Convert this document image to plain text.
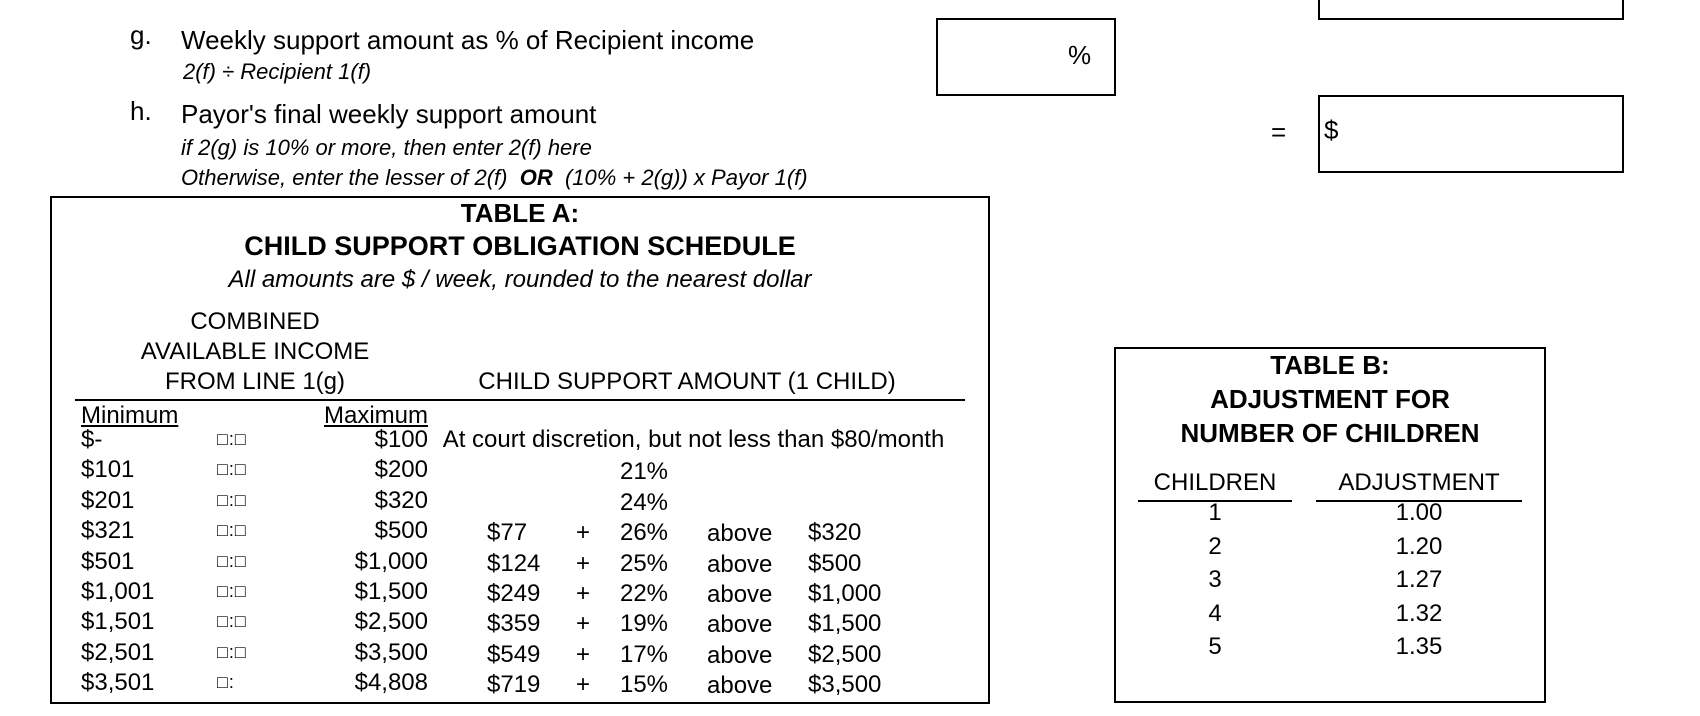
g. Weekly support amount as % of Recipient income
2(f) ÷ Recipient 1(f)
%
h. Payor's final weekly support amount
if 2(g) is 10% or more, then enter 2(f) here
Otherwise, enter the lesser of 2(f) OR (10% + 2(g)) x Payor 1(f)
= $
TABLE A:
CHILD SUPPORT OBLIGATION SCHEDULE
All amounts are $ / week, rounded to the nearest dollar
COMBINED
AVAILABLE INCOME
FROM LINE 1(g)	CHILD SUPPORT AMOUNT (1 CHILD)
Minimum	Maximum
$-	□:□	$100 At court discretion, but not less than $80/month
$101	□:□	$200	21%
$201	□:□	$320	24%
$321	□:□	$500 $77 +	26%	above $320
$501	□:□	$1,000 $124 +	25%	above $500
$1,001	□:□	$1,500 $249 +	22%	above $1,000
$1,501	□:□	$2,500 $359 +	19%	above $1,500
$2,501	□:□	$3,500 $549 +	17%	above $2,500
$3,501	□:	$4,808 $719 +	15%	above $3,500
TABLE B:
ADJUSTMENT FOR
NUMBER OF CHILDREN
CHILDREN	ADJUSTMENT
1	1.00
2	1.20
3	1.27
4	1.32
5	1.35
